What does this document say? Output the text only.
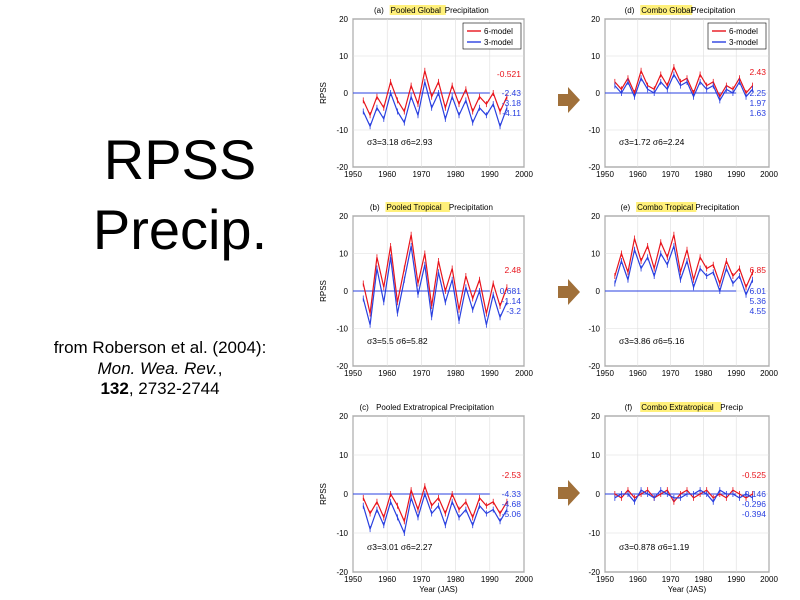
RPSS
Precip.
from Roberson et al. (2004):
Mon. Wea. Rev.,
132, 2732-2744
1950 1960 1970 1980 1990 2000
-20
-10
0
10
20
(a) Pooled Global Precipitation
RPSS
6-model
3-model
-0.521
-2.43
-3.18
-4.11
σ3=3.18 σ6=2.93
1950 1960 1970 1980 1990 2000
-20
-10
0
10
20
(d) Combo Global
Precipitation
6-model
3-model
2.43
2.25
1.97
1.63
σ3=1.72 σ6=2.24
1950 1960 1970 1980 1990 2000
-20
-10
0
10
20
(b) Pooled Tropical Precipitation
RPSS
2.48
0.681
-1.14
-3.2
σ3=5.5 σ6=5.82
1950 1960 1970 1980 1990 2000
-20
-10
0
10
20
(e) Combo Tropical Precipitation
6.85
6.01
5.36
4.55
σ3=3.86 σ6=5.16
1950 1960 1970 1980 1990 2000
-20
-10
0
10
20
(c) Pooled Extratropical Precipitation
RPSS
Year (JAS)
-2.53
-4.33
-4.68
-5.06
σ3=3.01 σ6=2.27
1950 1960 1970 1980 1990 2000
-20
-10
0
10
20
(f) Combo Extratropical Precip
Year (JAS)
-0.525
-0.146
-0.296
-0.394
σ3=0.878 σ6=1.19
